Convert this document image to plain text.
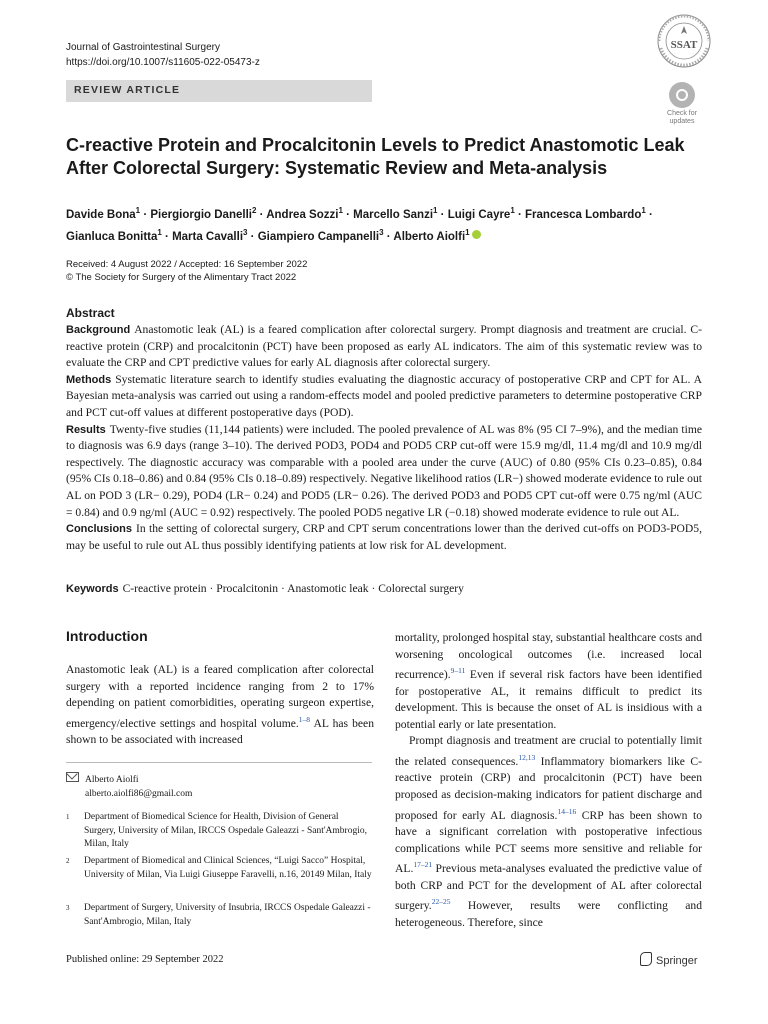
Journal of Gastrointestinal Surgery
https://doi.org/10.1007/s11605-022-05473-z
REVIEW ARTICLE
SSAT
Check for
updates
C-reactive Protein and Procalcitonin Levels to Predict Anastomotic Leak After Colorectal Surgery: Systematic Review and Meta-analysis
Davide Bona$^1$ · Piergiorgio Danelli$^2$ · Andrea Sozzi$^1$ · Marcello Sanzi$^1$ · Luigi Cayre$^1$ · Francesca Lombardo$^1$ ·
Gianluca Bonitta$^1$ · Marta Cavalli$^3$ · Giampiero Campanelli$^3$ · Alberto Aiolfi$^1$
Received: 4 August 2022 / Accepted: 16 September 2022
© The Society for Surgery of the Alimentary Tract 2022
Abstract

Background Anastomotic leak (AL) is a feared complication after colorectal surgery. Prompt diagnosis and treatment are crucial. C-reactive protein (CRP) and procalcitonin (PCT) have been proposed as early AL indicators. The aim of this systematic review was to evaluate the CRP and CPT predictive values for early AL diagnosis after colorectal surgery.

Methods Systematic literature search to identify studies evaluating the diagnostic accuracy of postoperative CRP and CPT for AL. A Bayesian meta-analysis was carried out using a random-effects model and pooled predictive parameters to determine postoperative CRP and PCT cut-off values at different postoperative days (POD).

Results Twenty-five studies (11,144 patients) were included. The pooled prevalence of AL was 8% (95 CI 7–9%), and the median time to diagnosis was 6.9 days (range 3–10). The derived POD3, POD4 and POD5 CRP cut-off were 15.9 mg/dl, 11.4 mg/dl and 10.9 mg/dl respectively. The diagnostic accuracy was comparable with a pooled area under the curve (AUC) of 0.80 (95% CIs 0.23–0.85), 0.84 (95% CIs 0.18–0.86) and 0.84 (95% CIs 0.18–0.89) respectively. Negative likelihood ratios (LR−) showed moderate evidence to rule out AL on POD 3 (LR− 0.29), POD4 (LR− 0.24) and POD5 (LR− 0.26). The derived POD3 and POD5 CPT cut-off were 0.75 ng/ml (AUC = 0.84) and 0.9 ng/ml (AUC = 0.92) respectively. The pooled POD5 negative LR (−0.18) showed moderate evidence to rule out AL.

Conclusions In the setting of colorectal surgery, CRP and CPT serum concentrations lower than the derived cut-offs on POD3-POD5, may be useful to rule out AL thus possibly identifying patients at low risk for AL development.

Keywords C-reactive protein · Procalcitonin · Anastomotic leak · Colorectal surgery
Introduction

Anastomotic leak (AL) is a feared complication after colorectal surgery with a reported incidence ranging from 2 to 17% depending on patient comorbidities, operating surgeon expertise, emergency/elective settings and hospital volume.$^{1-8}$ AL has been shown to be associated with increased

mortality, prolonged hospital stay, substantial healthcare costs and worsening oncological outcomes (i.e. increased local recurrence).$^{9-11}$ Even if several risk factors have been identified for postoperative AL, it remains difficult to predict its development. This is because the onset of AL is insidious with a potential early or late presentation.

Prompt diagnosis and treatment are crucial to potentially limit the related consequences.$^{12,13}$ Inflammatory biomarkers like C-reactive protein (CRP) and procalcitonin (PCT) have been proposed as decision-making indicators for patient discharge and proposed for early AL diagnosis.$^{14-16}$ CRP has been shown to have a significant correlation with postoperative infectious complications while PCT seems more sensitive and reliable for AL.$^{17-21}$ Previous meta-analyses evaluated the predictive value of both CRP and PCT for the development of AL after colorectal surgery.$^{22-25}$ However, results were conflicting and heterogeneous. Therefore, since

Alberto Aiolfi
alberto.aiolfi86@gmail.com
1 Department of Biomedical Science for Health, Division of General Surgery, University of Milan, IRCCS Ospedale Galeazzi - Sant'Ambrogio, Milan, Italy
2 Department of Biomedical and Clinical Sciences, “Luigi Sacco” Hospital, University of Milan, Via Luigi Giuseppe Faravelli, n.16, 20149 Milan, Italy
3 Department of Surgery, University of Insubria, IRCCS Ospedale Galeazzi - Sant'Ambrogio, Milan, Italy
Published online: 29 September 2022	Springer
